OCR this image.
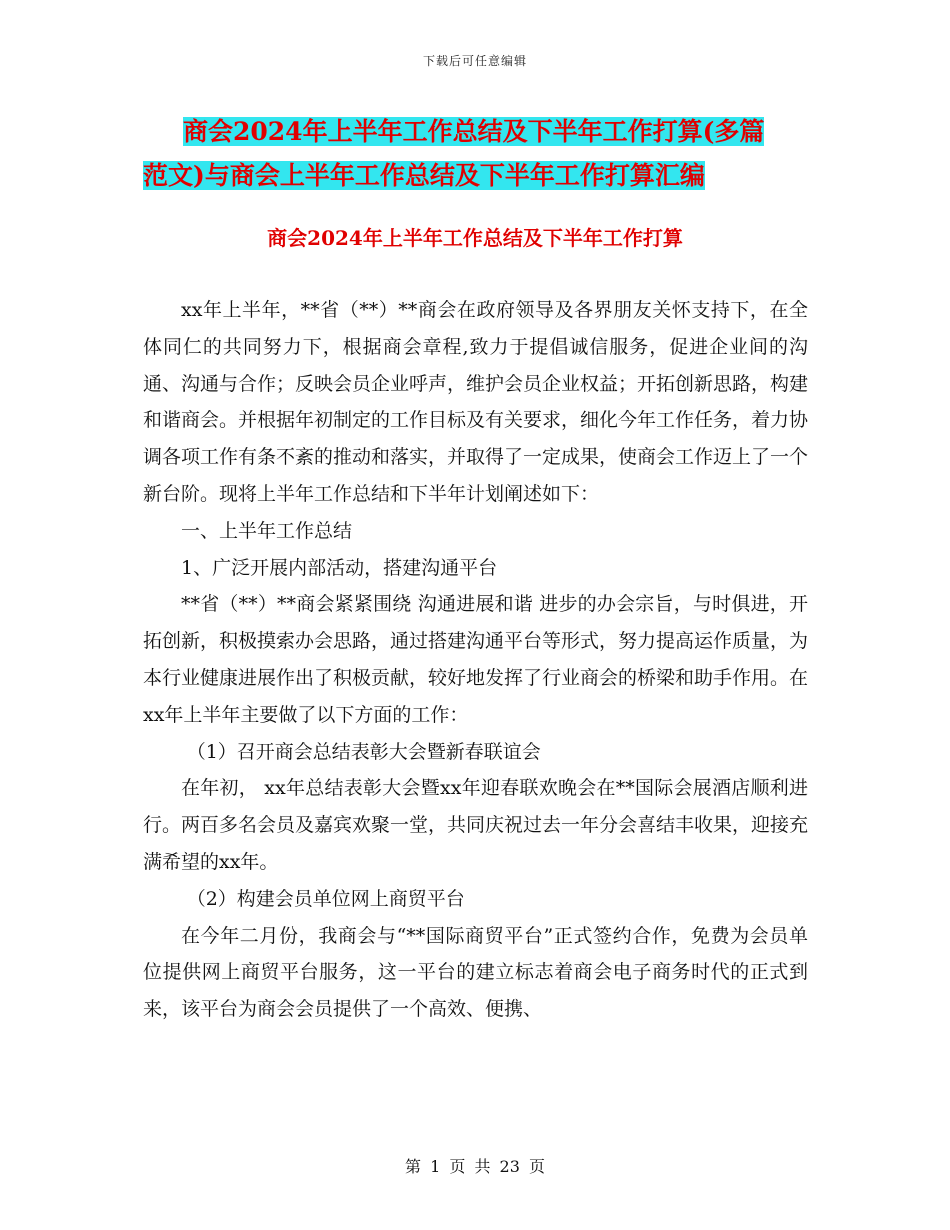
下载后可任意编辑
商会2024年上半年工作总结及下半年工作打算(多篇
范文)与商会上半年工作总结及下半年工作打算汇编
商会2024年上半年工作总结及下半年工作打算

xx年上半年，**省（**）**商会在政府领导及各界朋友关怀支持下，在全体同仁的共同努力下，根据商会章程,致力于提倡诚信服务，促进企业间的沟通、沟通与合作；反映会员企业呼声，维护会员企业权益；开拓创新思路，构建和谐商会。并根据年初制定的工作目标及有关要求，细化今年工作任务，着力协调各项工作有条不紊的推动和落实，并取得了一定成果，使商会工作迈上了一个新台阶。现将上半年工作总结和下半年计划阐述如下：

一、上半年工作总结

1、广泛开展内部活动，搭建沟通平台

**省（**）**商会紧紧围绕 沟通进展和谐 进步的办会宗旨，与时俱进，开拓创新，积极摸索办会思路，通过搭建沟通平台等形式，努力提高运作质量，为本行业健康进展作出了积极贡献，较好地发挥了行业商会的桥梁和助手作用。在xx年上半年主要做了以下方面的工作：

（1）召开商会总结表彰大会暨新春联谊会

在年初， xx年总结表彰大会暨xx年迎春联欢晚会在**国际会展酒店顺利进行。两百多名会员及嘉宾欢聚一堂，共同庆祝过去一年分会喜结丰收果，迎接充满希望的xx年。

（2）构建会员单位网上商贸平台

在今年二月份，我商会与“**国际商贸平台”正式签约合作，免费为会员单位提供网上商贸平台服务，这一平台的建立标志着商会电子商务时代的正式到来，该平台为商会会员提供了一个高效、便携、

第 1 页 共 23 页
